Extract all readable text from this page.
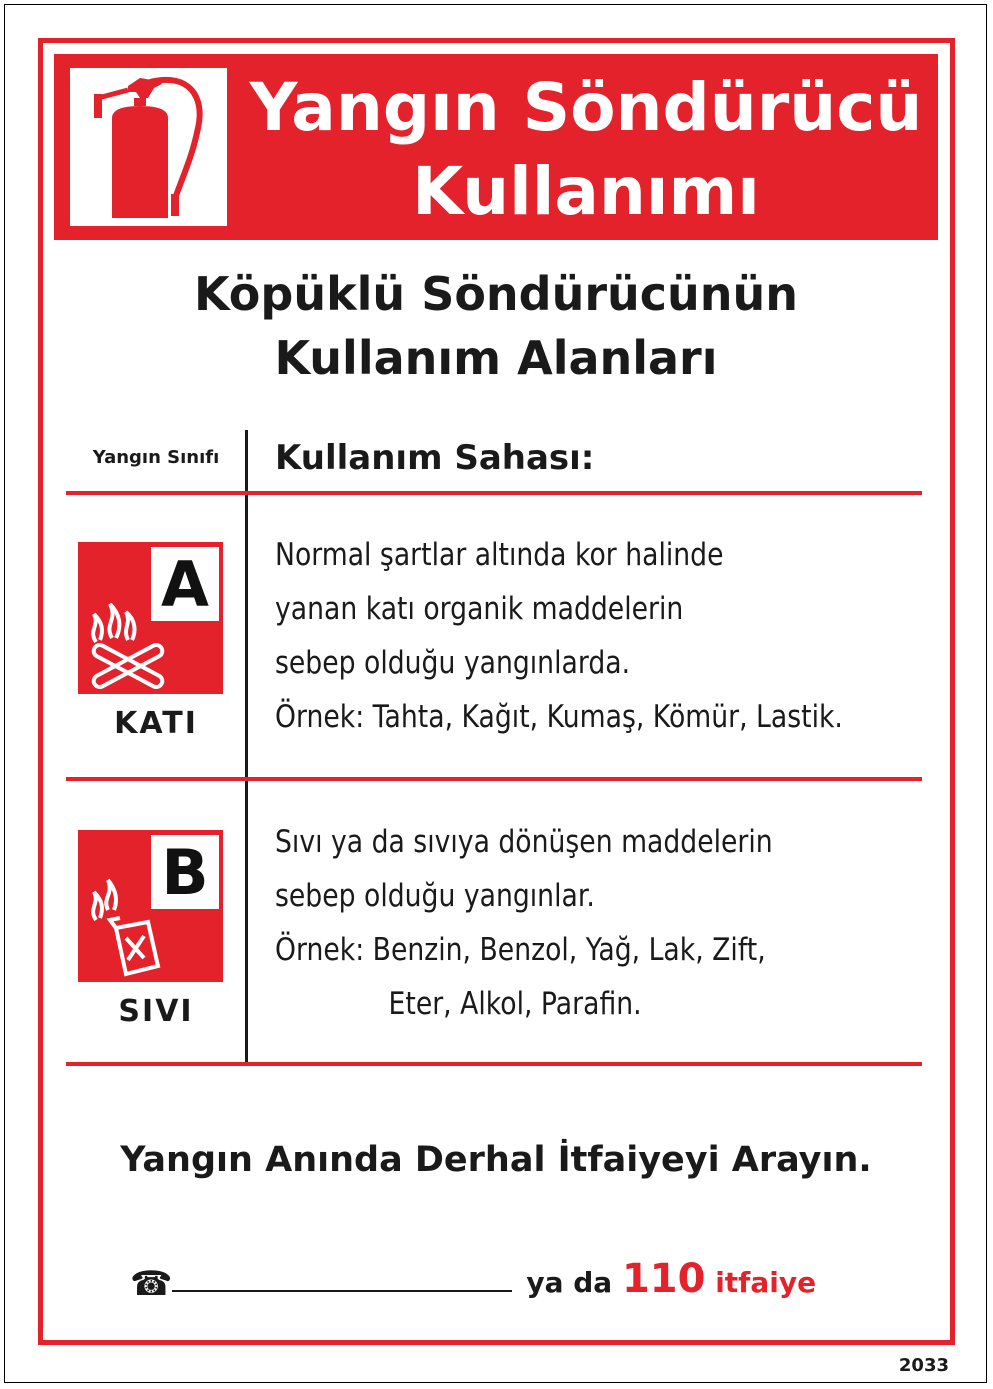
Yangın Söndürücü
Kullanımı
Köpüklü Söndürücünün
Kullanım Alanları
Yangın Sınıfı	Kullanım Sahası:
A
KATI
Normal şartlar altında kor halinde
yanan katı organik maddelerin
sebep olduğu yangınlarda.
Örnek: Tahta, Kağıt, Kumaş, Kömür, Lastik.
B
SIVI
Sıvı ya da sıvıya dönüşen maddelerin
sebep olduğu yangınlar.
Örnek: Benzin, Benzol, Yağ, Lak, Zift,
Eter, Alkol, Parafin.
Yangın Anında Derhal İtfaiyeyi Arayın.
☎	ya da 110 itfaiye
2033
